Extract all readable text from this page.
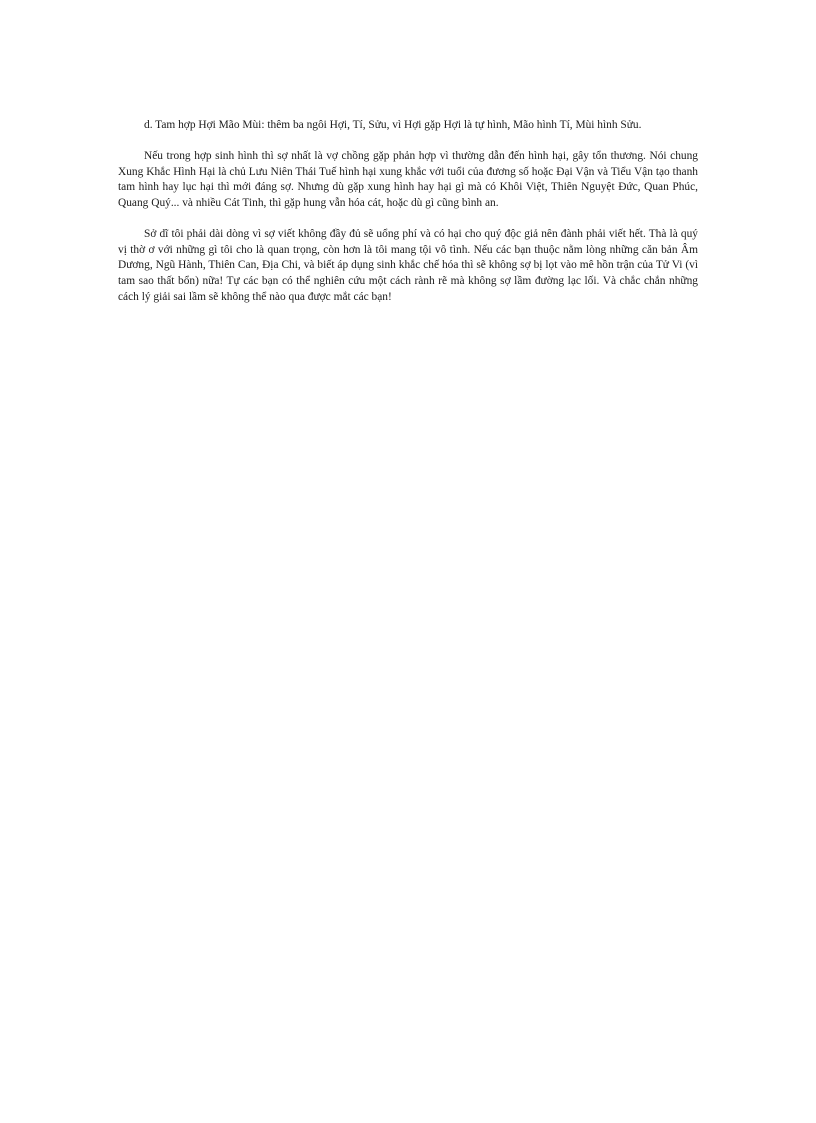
d. Tam hợp Hợi Mão Mùi: thêm ba ngôi Hợi, Tí, Sửu, vì Hợi gặp Hợi là tự hình, Mão hình Tí, Mùi hình Sửu.

Nếu trong hợp sinh hình thì sợ nhất là vợ chồng gặp phản hợp vì thường dẫn đến hình hại, gây tổn thương. Nói chung Xung Khắc Hình Hại là chủ Lưu Niên Thái Tuế hình hại xung khắc với tuổi của đương số hoặc Đại Vận và Tiểu Vận tạo thanh tam hình hay lục hại thì mới đáng sợ. Nhưng dù gặp xung hình hay hại gì mà có Khôi Việt, Thiên Nguyệt Đức, Quan Phúc, Quang Quý... và nhiều Cát Tinh, thì gặp hung vẫn hóa cát, hoặc dù gì cũng bình an.

Sở dĩ tôi phải dài dòng vì sợ viết không đầy đủ sẽ uổng phí và có hại cho quý độc giả nên đành phải viết hết. Thà là quý vị thờ ơ với những gì tôi cho là quan trọng, còn hơn là tôi mang tội vô tình. Nếu các bạn thuộc nằm lòng những căn bản Âm Dương, Ngũ Hành, Thiên Can, Địa Chi, và biết áp dụng sinh khắc chế hóa thì sẽ không sợ bị lọt vào mê hồn trận của Tử Vi (vì tam sao thất bổn) nữa! Tự các bạn có thể nghiên cứu một cách rành rẽ mà không sợ lầm đường lạc lối. Và chắc chắn những cách lý giải sai lầm sẽ không thể nào qua được mắt các bạn!
